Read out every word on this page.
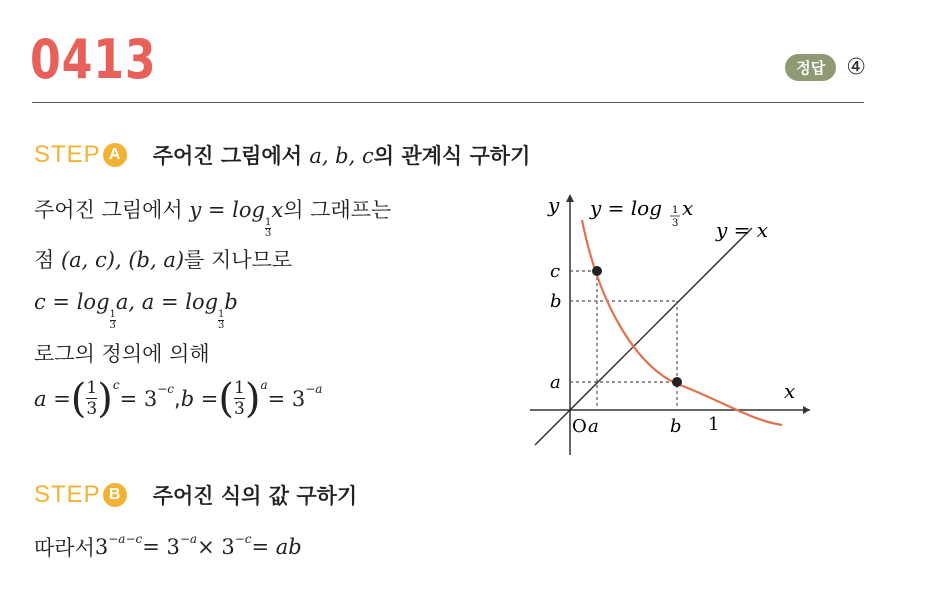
0413	정답 ④
STEP A 주어진 그림에서 a, b, c의 관계식 구하기
주어진 그림에서 y = log
$\frac{1}{3}$
x의 그래프는
점 (a, c), (b, a)를 지나므로
c = log
$\frac{1}{3}$
a, a = log
$\frac{1}{3}$
b
로그의 정의에 의해
a = ( 1
3 )$^c$
= $3^{-c}$ , b = ( 1
3 )$^a$
= $3^{-a}$
y
x
O a	b 1
c
b
a
y = log 1
3
x
y = x
STEP B 주어진 식의 값 구하기
따라서 $3^{-a-c} = 3^{-a} \times 3^{-c}$ = ab
